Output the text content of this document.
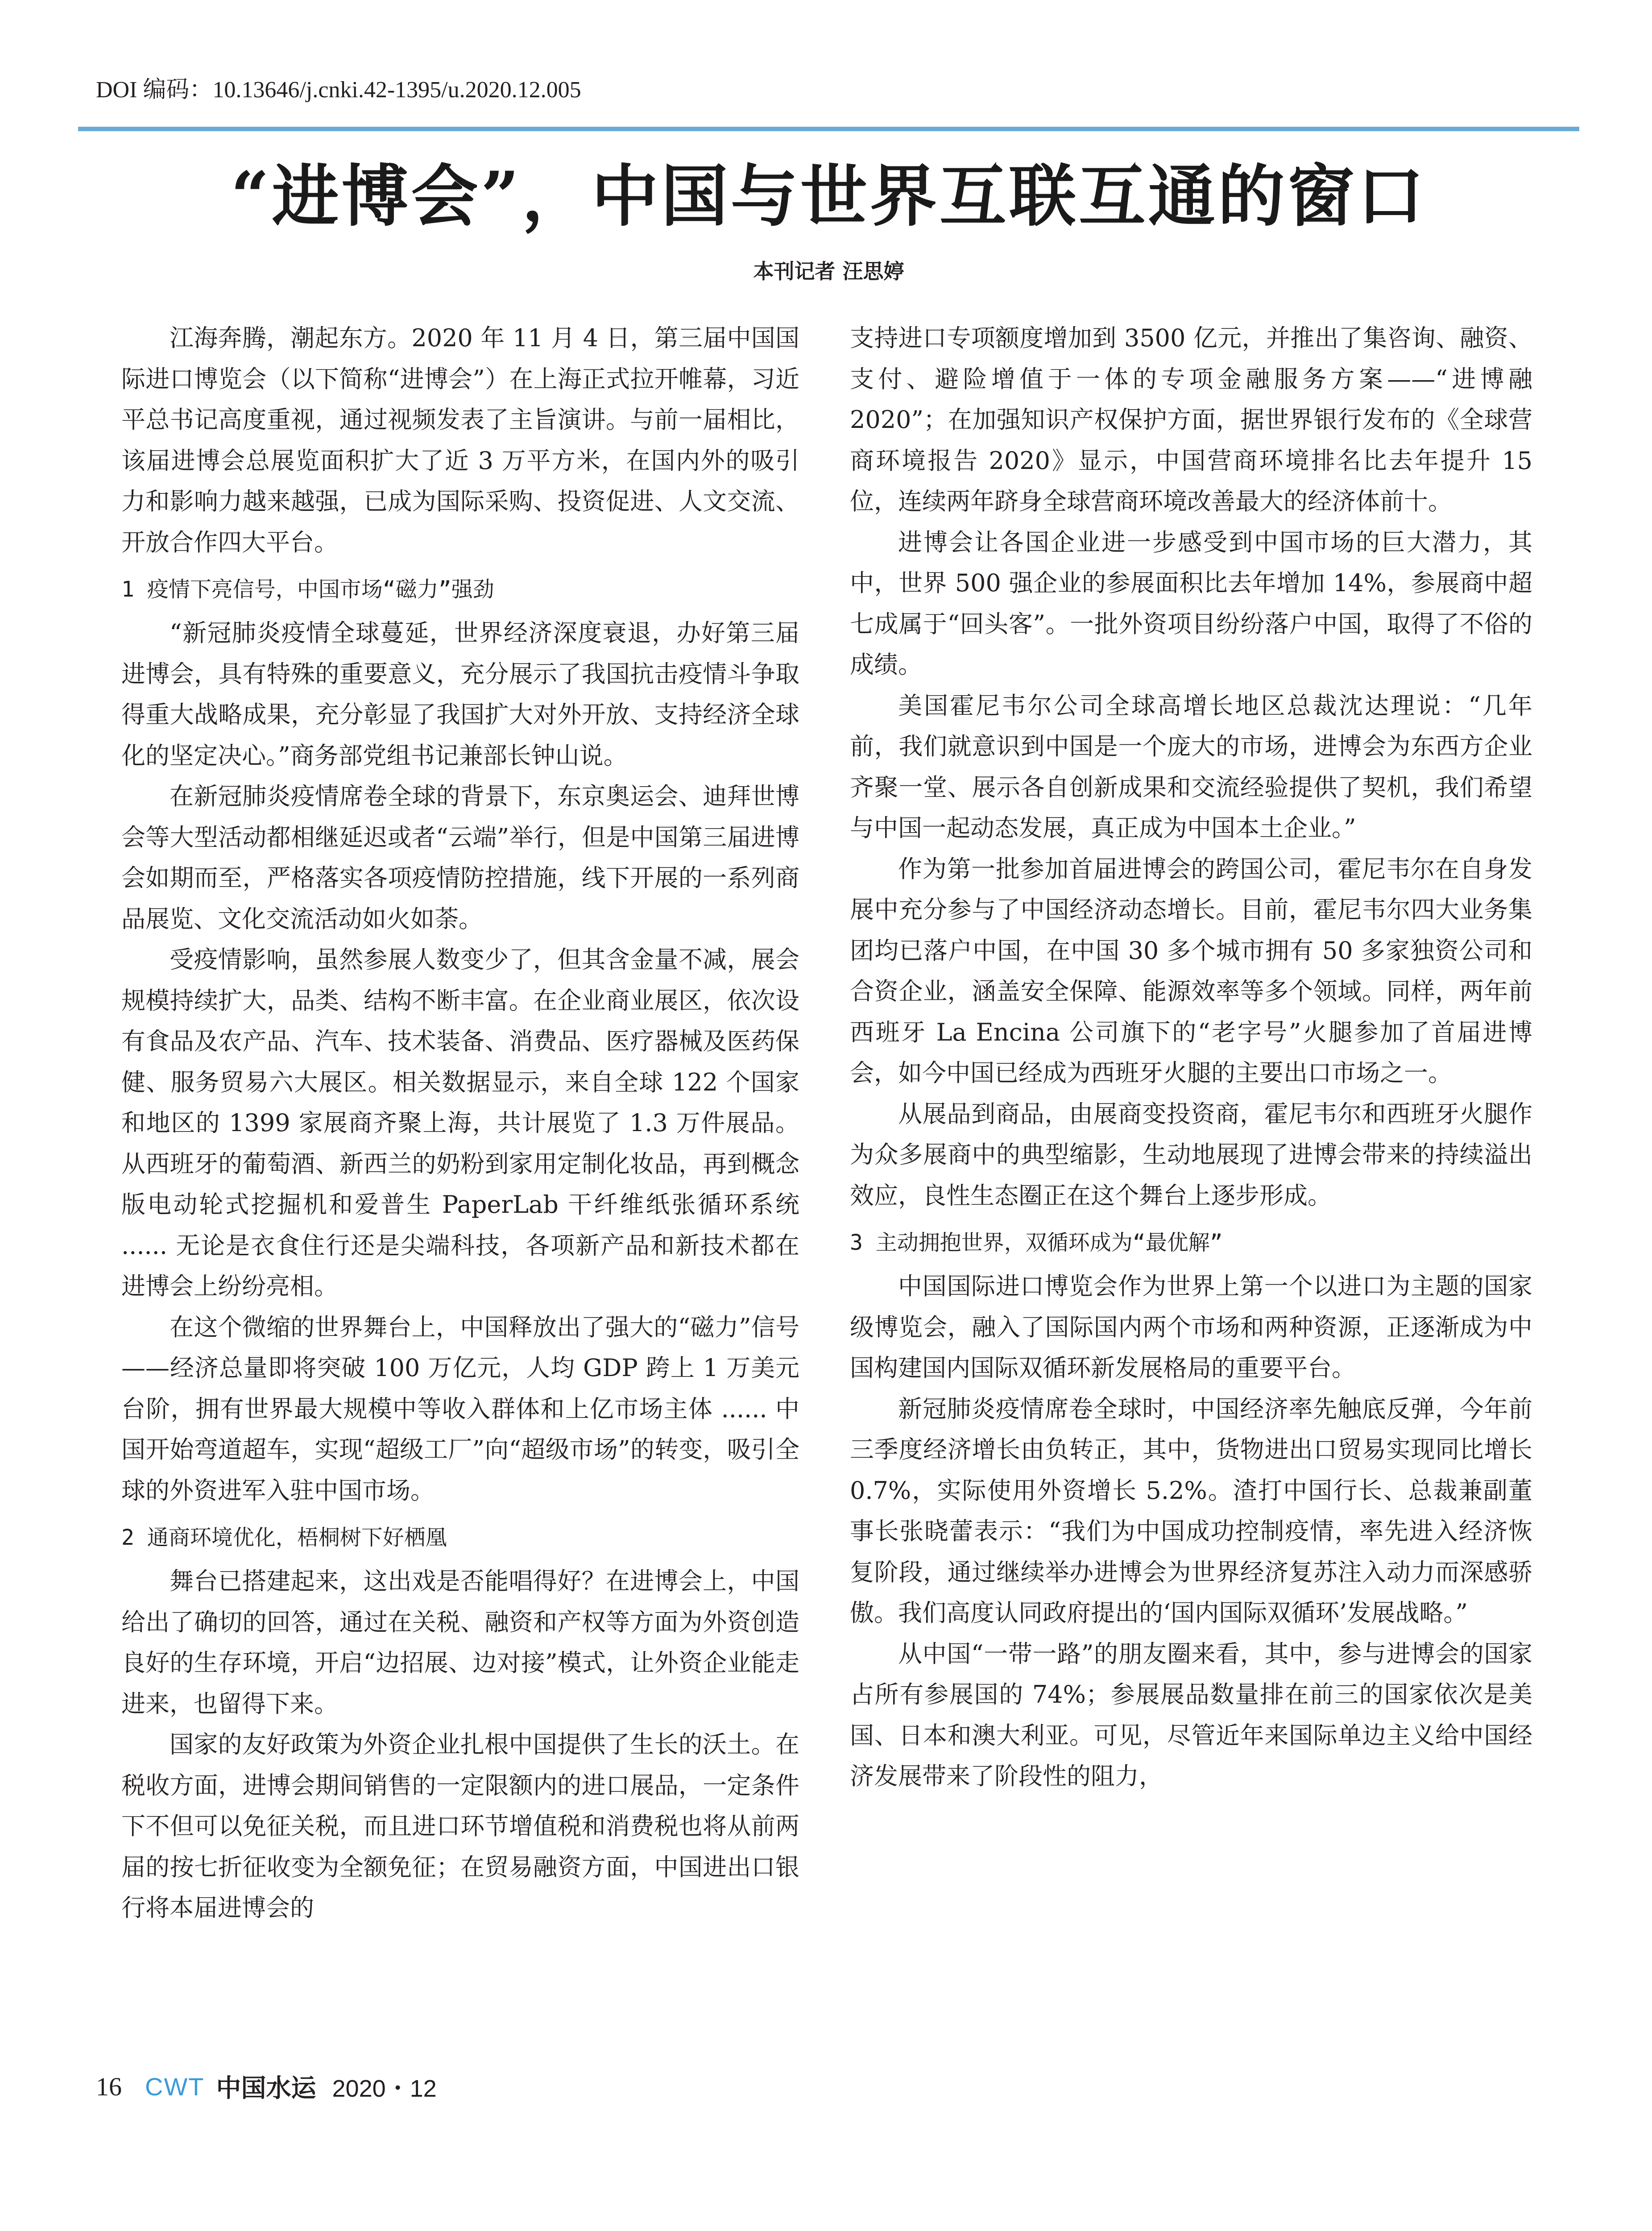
DOI 编码：10.13646/j.cnki.42-1395/u.2020.12.005
“进博会”，中国与世界互联互通的窗口
本刊记者 汪思婷

江海奔腾，潮起东方。2020 年 11 月 4 日，第三届中国国际进口博览会（以下简称“进博会”）在上海正式拉开帷幕，习近平总书记高度重视，通过视频发表了主旨演讲。与前一届相比，该届进博会总展览面积扩大了近 3 万平方米，在国内外的吸引力和影响力越来越强，已成为国际采购、投资促进、人文交流、开放合作四大平台。

1 疫情下亮信号，中国市场“磁力”强劲

“新冠肺炎疫情全球蔓延，世界经济深度衰退，办好第三届进博会，具有特殊的重要意义，充分展示了我国抗击疫情斗争取得重大战略成果，充分彰显了我国扩大对外开放、支持经济全球化的坚定决心。”商务部党组书记兼部长钟山说。

在新冠肺炎疫情席卷全球的背景下，东京奥运会、迪拜世博会等大型活动都相继延迟或者“云端”举行，但是中国第三届进博会如期而至，严格落实各项疫情防控措施，线下开展的一系列商品展览、文化交流活动如火如荼。

受疫情影响，虽然参展人数变少了，但其含金量不减，展会规模持续扩大，品类、结构不断丰富。在企业商业展区，依次设有食品及农产品、汽车、技术装备、消费品、医疗器械及医药保健、服务贸易六大展区。相关数据显示，来自全球 122 个国家和地区的 1399 家展商齐聚上海，共计展览了 1.3 万件展品。从西班牙的葡萄酒、新西兰的奶粉到家用定制化妆品，再到概念版电动轮式挖掘机和爱普生 PaperLab 干纤维纸张循环系统 ...... 无论是衣食住行还是尖端科技，各项新产品和新技术都在进博会上纷纷亮相。

在这个微缩的世界舞台上，中国释放出了强大的“磁力”信号——经济总量即将突破 100 万亿元，人均 GDP 跨上 1 万美元台阶，拥有世界最大规模中等收入群体和上亿市场主体 ...... 中国开始弯道超车，实现“超级工厂”向“超级市场”的转变，吸引全球的外资进军入驻中国市场。

2 通商环境优化，梧桐树下好栖凰

舞台已搭建起来，这出戏是否能唱得好？在进博会上，中国给出了确切的回答，通过在关税、融资和产权等方面为外资创造良好的生存环境，开启“边招展、边对接”模式，让外资企业能走进来，也留得下来。

国家的友好政策为外资企业扎根中国提供了生长的沃土。在税收方面，进博会期间销售的一定限额内的进口展品，一定条件下不但可以免征关税，而且进口环节增值税和消费税也将从前两届的按七折征收变为全额免征；在贸易融资方面，中国进出口银行将本届进博会的

支持进口专项额度增加到 3500 亿元，并推出了集咨询、融资、支付、避险增值于一体的专项金融服务方案——“进博融 2020”；在加强知识产权保护方面，据世界银行发布的《全球营商环境报告 2020》显示，中国营商环境排名比去年提升 15 位，连续两年跻身全球营商环境改善最大的经济体前十。

进博会让各国企业进一步感受到中国市场的巨大潜力，其中，世界 500 强企业的参展面积比去年增加 14%，参展商中超七成属于“回头客”。一批外资项目纷纷落户中国，取得了不俗的成绩。

美国霍尼韦尔公司全球高增长地区总裁沈达理说：“几年前，我们就意识到中国是一个庞大的市场，进博会为东西方企业齐聚一堂、展示各自创新成果和交流经验提供了契机，我们希望与中国一起动态发展，真正成为中国本土企业。”

作为第一批参加首届进博会的跨国公司，霍尼韦尔在自身发展中充分参与了中国经济动态增长。目前，霍尼韦尔四大业务集团均已落户中国，在中国 30 多个城市拥有 50 多家独资公司和合资企业，涵盖安全保障、能源效率等多个领域。同样，两年前西班牙 La Encina 公司旗下的“老字号”火腿参加了首届进博会，如今中国已经成为西班牙火腿的主要出口市场之一。

从展品到商品，由展商变投资商，霍尼韦尔和西班牙火腿作为众多展商中的典型缩影，生动地展现了进博会带来的持续溢出效应，良性生态圈正在这个舞台上逐步形成。

3 主动拥抱世界，双循环成为“最优解”

中国国际进口博览会作为世界上第一个以进口为主题的国家级博览会，融入了国际国内两个市场和两种资源，正逐渐成为中国构建国内国际双循环新发展格局的重要平台。

新冠肺炎疫情席卷全球时，中国经济率先触底反弹，今年前三季度经济增长由负转正，其中，货物进出口贸易实现同比增长 0.7%，实际使用外资增长 5.2%。渣打中国行长、总裁兼副董事长张晓蕾表示：“我们为中国成功控制疫情，率先进入经济恢复阶段，通过继续举办进博会为世界经济复苏注入动力而深感骄傲。我们高度认同政府提出的‘国内国际双循环’发展战略。”

从中国“一带一路”的朋友圈来看，其中，参与进博会的国家占所有参展国的 74%；参展展品数量排在前三的国家依次是美国、日本和澳大利亚。可见，尽管近年来国际单边主义给中国经济发展带来了阶段性的阻力，

16 CWT 中国水运 2020・12
